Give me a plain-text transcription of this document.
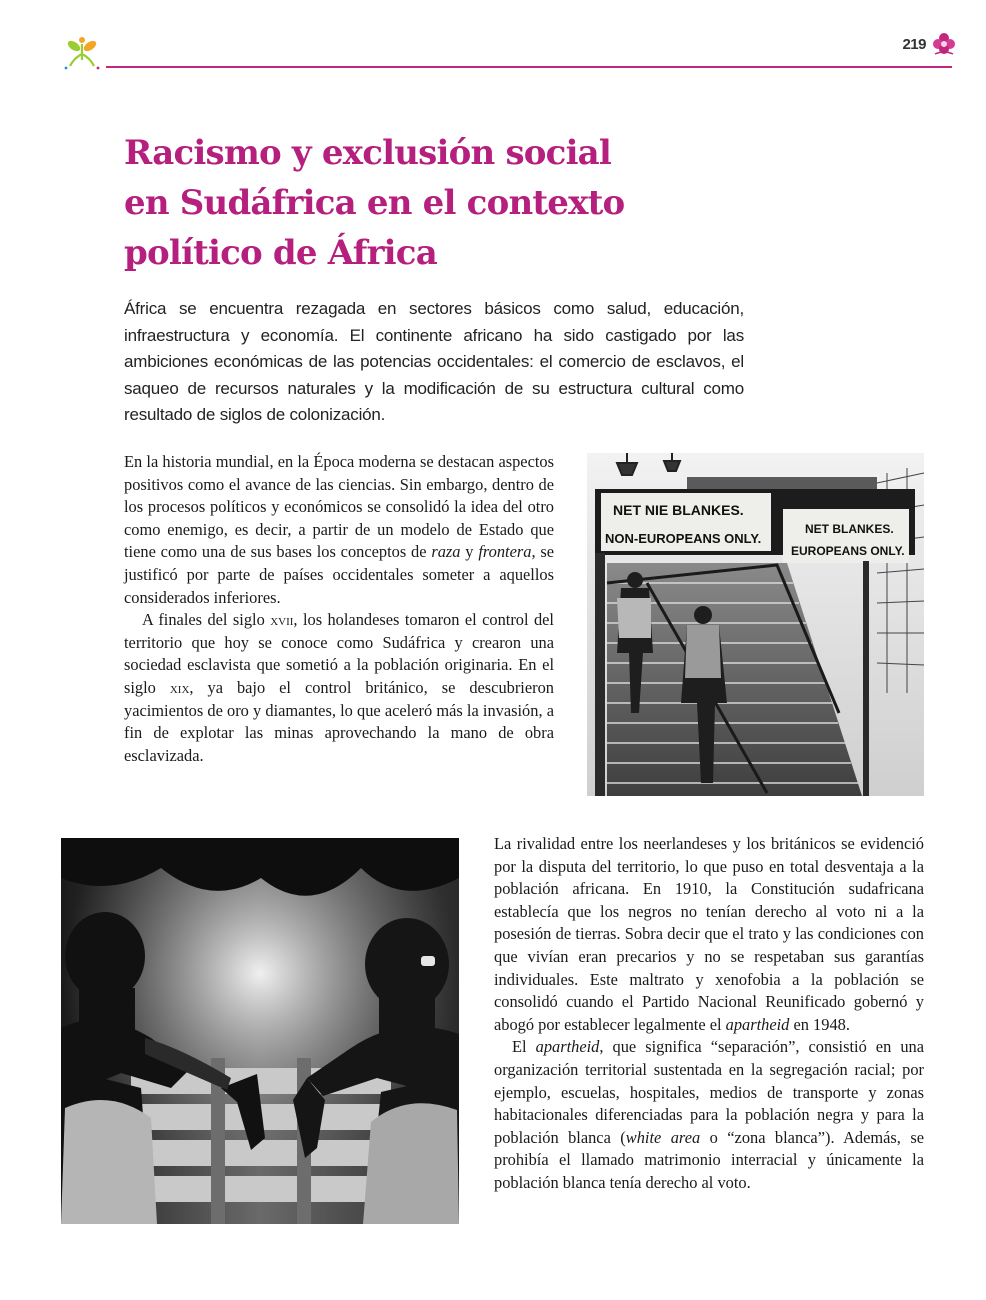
219
Racismo y exclusión social
en Sudáfrica en el contexto
político de África

África se encuentra rezagada en sectores básicos como salud, educación, infraestructura y economía. El continente africano ha sido castigado por las ambiciones económicas de las potencias occidentales: el comercio de esclavos, el saqueo de recursos naturales y la modificación de su estructura cultural como resultado de siglos de colonización.

En la historia mundial, en la Época moderna se destacan aspectos positivos como el avance de las ciencias. Sin embargo, dentro de los procesos políticos y económicos se consolidó la idea del otro como enemigo, es decir, a partir de un modelo de Estado que tiene como una de sus bases los conceptos de raza y frontera, se justificó por parte de países occidentales someter a aquellos considerados inferiores.

A finales del siglo xvii, los holandeses tomaron el control del territorio que hoy se conoce como Sudáfrica y crearon una sociedad esclavista que sometió a la población originaria. En el siglo xix, ya bajo el control británico, se descubrieron yacimientos de oro y diamantes, lo que aceleró más la invasión, a fin de explotar las minas aprovechando la mano de obra esclavizada.

NET NIE BLANKES.
NON-EUROPEANS ONLY.
NET BLANKES.
EUROPEANS ONLY.

La rivalidad entre los neerlandeses y los británicos se evidenció por la disputa del territorio, lo que puso en total desventaja a la población africana. En 1910, la Constitución sudafricana establecía que los negros no tenían derecho al voto ni a la posesión de tierras. Sobra decir que el trato y las condiciones con que vivían eran precarios y no se respetaban sus garantías individuales. Este maltrato y xenofobia a la población se consolidó cuando el Partido Nacional Reunificado gobernó y abogó por establecer legalmente el apartheid en 1948.

El apartheid, que significa “separación”, consistió en una organización territorial sustentada en la segregación racial; por ejemplo, escuelas, hospitales, medios de transporte y zonas habitacionales diferenciadas para la población negra y para la población blanca (white area o “zona blanca”). Además, se prohibía el llamado matrimonio interracial y únicamente la población blanca tenía derecho al voto.
